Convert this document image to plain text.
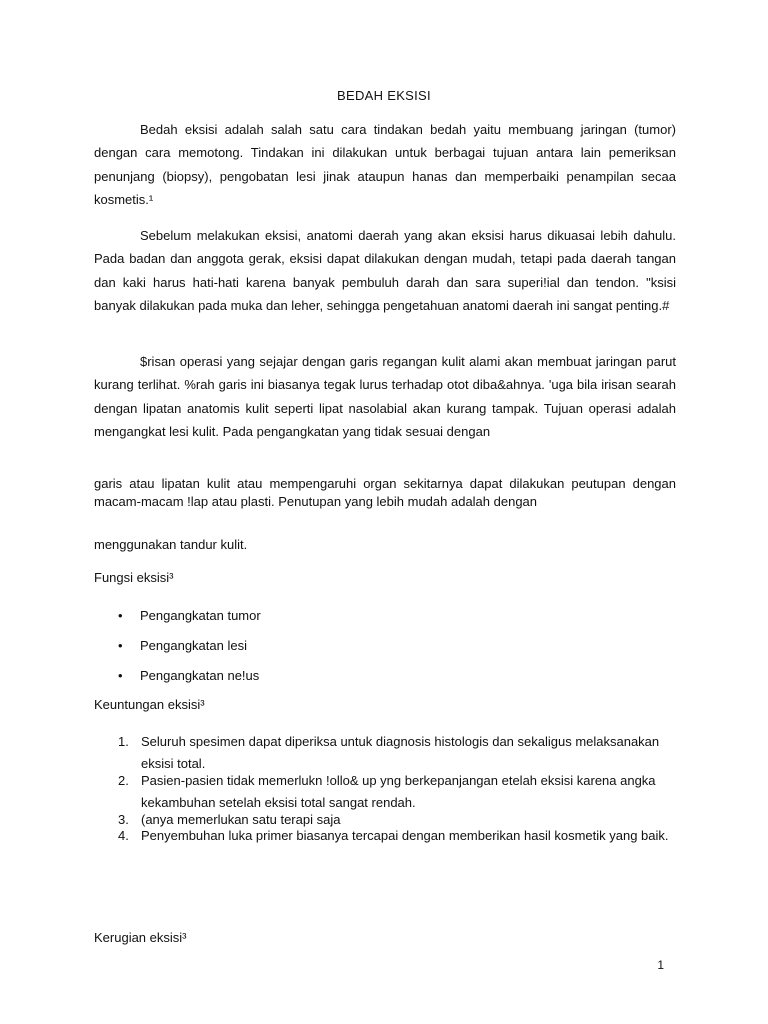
BEDAH EKSISI
Bedah eksisi adalah salah satu cara tindakan bedah yaitu membuang jaringan (tumor) dengan cara memotong. Tindakan ini dilakukan untuk berbagai tujuan antara lain pemeriksan penunjang (biopsy), pengobatan lesi jinak ataupun hanas dan memperbaiki penampilan secaa kosmetis.¹
Sebelum melakukan eksisi, anatomi daerah yang akan eksisi harus dikuasai lebih dahulu. Pada badan dan anggota gerak, eksisi dapat dilakukan dengan mudah, tetapi pada daerah tangan dan kaki harus hati-hati karena banyak pembuluh darah dan sara superi!ial dan tendon. "ksisi banyak dilakukan pada muka dan leher, sehingga pengetahuan anatomi daerah ini sangat penting.#
$risan operasi yang sejajar dengan garis regangan kulit alami akan membuat jaringan parut kurang terlihat. %rah garis ini biasanya tegak lurus terhadap otot diba&ahnya. 'uga bila irisan searah dengan lipatan anatomis kulit seperti lipat nasolabial akan kurang tampak. Tujuan operasi adalah mengangkat lesi kulit. Pada pengangkatan yang tidak sesuai dengan
garis atau lipatan kulit atau mempengaruhi organ sekitarnya dapat dilakukan peutupan dengan macam-macam !lap atau plasti. Penutupan yang lebih mudah adalah dengan
menggunakan tandur kulit.
Fungsi eksisi³
• Pengangkatan tumor
• Pengangkatan lesi
• Pengangkatan ne!us
Keuntungan eksisi³
1. Seluruh spesimen dapat diperiksa untuk diagnosis histologis dan sekaligus melaksanakan eksisi total.
2. Pasien-pasien tidak memerlukn !ollo& up yng berkepanjangan etelah eksisi karena angka kekambuhan setelah eksisi total sangat rendah.
3. (anya memerlukan satu terapi saja
4. Penyembuhan luka primer biasanya tercapai dengan memberikan hasil kosmetik yang baik.
Kerugian eksisi³
1
